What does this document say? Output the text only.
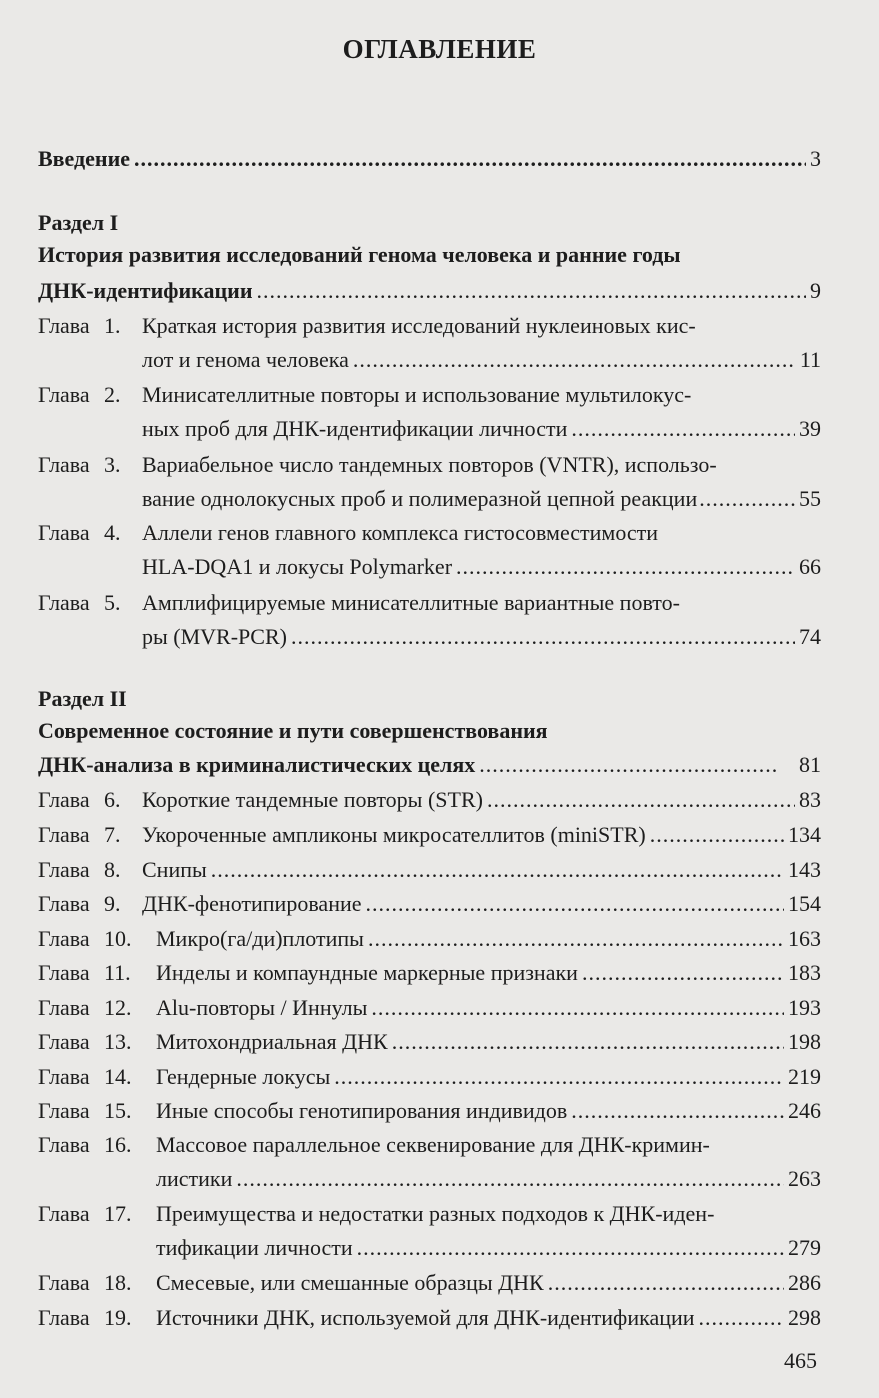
ОГЛАВЛЕНИЕ
Введение .....	3
Раздел I
История развития исследований генома человека и ранние годы
ДНК-идентификации .....	9
Глава 1. Краткая история развития исследований нуклеиновых кис-
лот и генома человека .....	11
Глава 2. Минисателлитные повторы и использование мультилокус-
ных проб для ДНК-идентификации личности .....	39
Глава 3. Вариабельное число тандемных повторов (VNTR), использо-
вание однолокусных проб и полимеразной цепной реакции .....	55
Глава 4. Аллели генов главного комплекса гистосовместимости
HLA-DQA1 и локусы Polymarker .....	66
Глава 5. Амплифицируемые минисателлитные вариантные повто-
ры (MVR-PCR) .....	74
Раздел II
Современное состояние и пути совершенствования
ДНК-анализа в криминалистических целях .....	81
Глава 6. Короткие тандемные повторы (STR) .....	83
Глава 7. Укороченные ампликоны микросателлитов (miniSTR) .....	134
Глава 8. Снипы .....	143
Глава 9. ДНК-фенотипирование .....	154
Глава 10. Микро(га/ди)плотипы .....	163
Глава 11. Инделы и компаундные маркерные признаки .....	183
Глава 12. Alu-повторы / Иннулы .....	193
Глава 13. Митохондриальная ДНК .....	198
Глава 14. Гендерные локусы .....	219
Глава 15. Иные способы генотипирования индивидов .....	246
Глава 16. Массовое параллельное секвенирование для ДНК-кримин-
листики .....	263
Глава 17. Преимущества и недостатки разных подходов к ДНК-иден-
тификации личности .....	279
Глава 18. Смесевые, или смешанные образцы ДНК .....	286
Глава 19. Источники ДНК, используемой для ДНК-идентификации .....	298
465
